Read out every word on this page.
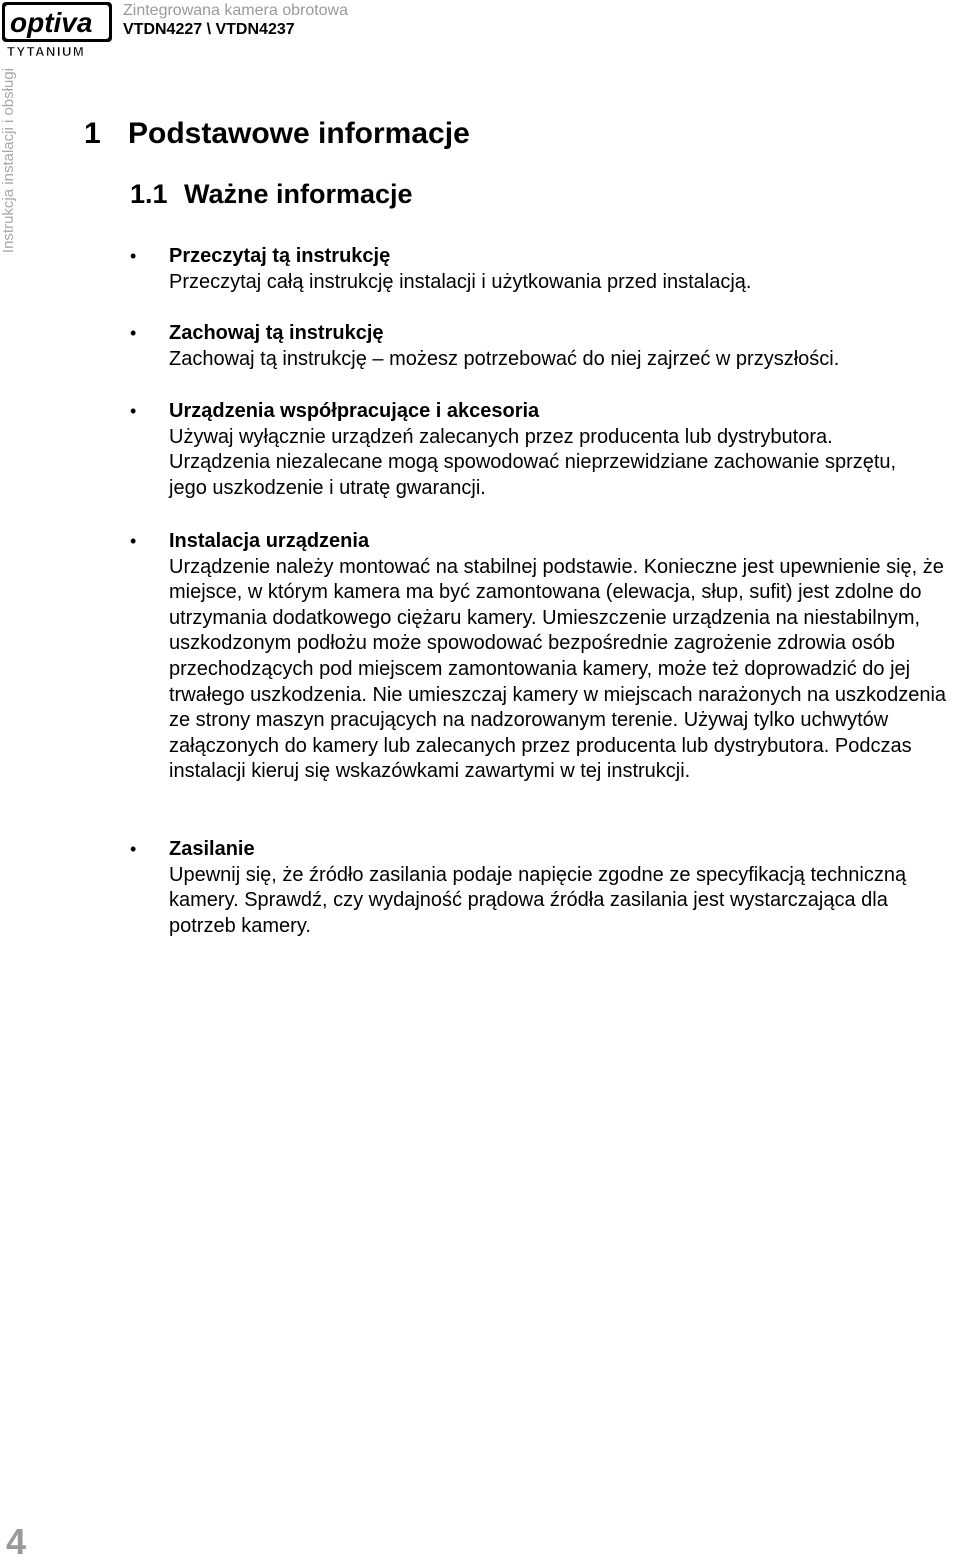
optiva
TYTANIUM
Zintegrowana kamera obrotowa
VTDN4227 \ VTDN4237
Instrukcja instalacji i obsługi 1 Podstawowe informacje
1.1 Ważne informacje
• Przeczytaj tą instrukcję
Przeczytaj całą instrukcję instalacji i użytkowania przed instalacją.
• Zachowaj tą instrukcję
Zachowaj tą instrukcję – możesz potrzebować do niej zajrzeć w przyszłości.
• Urządzenia współpracujące i akcesoria
Używaj wyłącznie urządzeń zalecanych przez producenta lub dystrybutora. Urządzenia niezalecane mogą spowodować nieprzewidziane zachowanie sprzętu, jego uszkodzenie i utratę gwarancji.
• Instalacja urządzenia
Urządzenie należy montować na stabilnej podstawie. Konieczne jest upewnienie się, że miejsce, w którym kamera ma być zamontowana (elewacja, słup, sufit) jest zdolne do utrzymania dodatkowego ciężaru kamery. Umieszczenie urządzenia na niestabilnym, uszkodzonym podłożu może spowodować bezpośrednie zagrożenie zdrowia osób przechodzących pod miejscem zamontowania kamery, może też doprowadzić do jej trwałego uszkodzenia. Nie umieszczaj kamery w miejscach narażonych na uszkodzenia ze strony maszyn pracujących na nadzorowanym terenie. Używaj tylko uchwytów załączonych do kamery lub zalecanych przez producenta lub dystrybutora. Podczas instalacji kieruj się wskazówkami zawartymi w tej instrukcji.
• Zasilanie
Upewnij się, że źródło zasilania podaje napięcie zgodne ze specyfikacją techniczną kamery. Sprawdź, czy wydajność prądowa źródła zasilania jest wystarczająca dla potrzeb kamery.
4
